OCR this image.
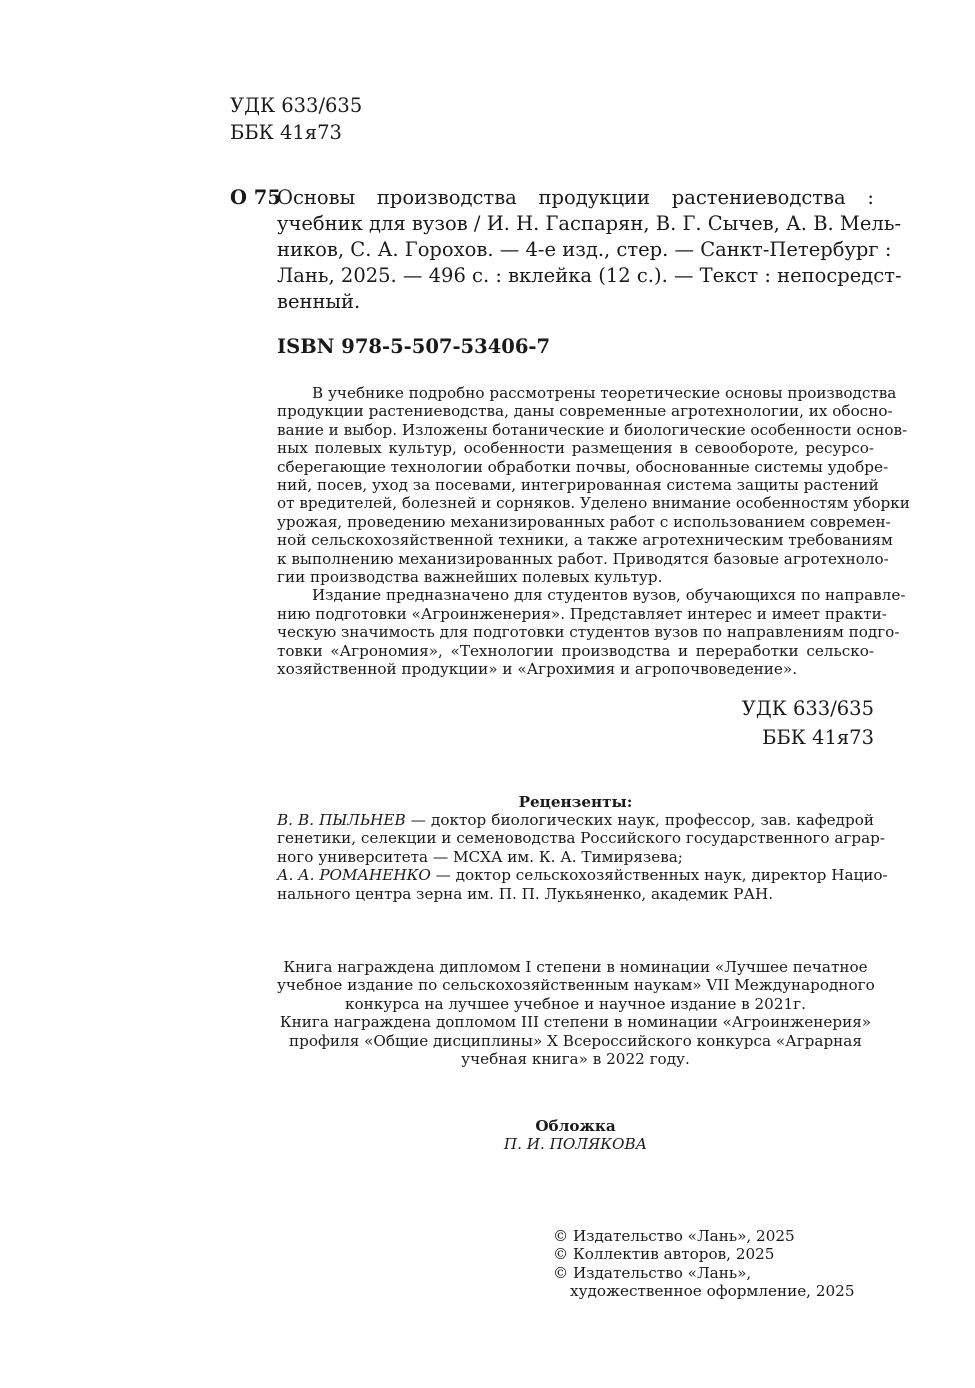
УДК 633/635
ББК 41я73
О 75
Основы производства продукции растениеводства :
учебник для вузов / И. Н. Гаспарян, В. Г. Сычев, А. В. Мель-
ников, С. А. Горохов. — 4-е изд., стер. — Санкт-Петербург :
Лань, 2025. — 496 с. : вклейка (12 с.). — Текст : непосредст-
венный.
ISBN 978-5-507-53406-7
В учебнике подробно рассмотрены теоретические основы производства
продукции растениеводства, даны современные агротехнологии, их обосно-
вание и выбор. Изложены ботанические и биологические особенности основ-
ных полевых культур, особенности размещения в севообороте, ресурсо-
сберегающие технологии обработки почвы, обоснованные системы удобре-
ний, посев, уход за посевами, интегрированная система защиты растений
от вредителей, болезней и сорняков. Уделено внимание особенностям уборки
урожая, проведению механизированных работ с использованием современ-
ной сельскохозяйственной техники, а также агротехническим требованиям
к выполнению механизированных работ. Приводятся базовые агротехноло-
гии производства важнейших полевых культур.
Издание предназначено для студентов вузов, обучающихся по направле-
нию подготовки «Агроинженерия». Представляет интерес и имеет практи-
ческую значимость для подготовки студентов вузов по направлениям подго-
товки «Агрономия», «Технологии производства и переработки сельско-
хозяйственной продукции» и «Агрохимия и агропочвоведение».
УДК 633/635
ББК 41я73
Рецензенты:
В. В. ПЫЛЬНЕВ — доктор биологических наук, профессор, зав. кафедрой
генетики, селекции и семеноводства Российского государственного аграр-
ного университета — МСХА им. К. А. Тимирязева;
А. А. РОМАНЕНКО — доктор сельскохозяйственных наук, директор Нацио-
нального центра зерна им. П. П. Лукьяненко, академик РАН.
Книга награждена дипломом I степени в номинации «Лучшее печатное
учебное издание по сельскохозяйственным наукам» VII Международного
конкурса на лучшее учебное и научное издание в 2021г.
Книга награждена допломом III степени в номинации «Агроинженерия»
профиля «Общие дисциплины» X Всероссийского конкурса «Аграрная
учебная книга» в 2022 году.
Обложка
П. И. ПОЛЯКОВА
© Издательство «Лань», 2025
© Коллектив авторов, 2025
© Издательство «Лань»,
художественное оформление, 2025
